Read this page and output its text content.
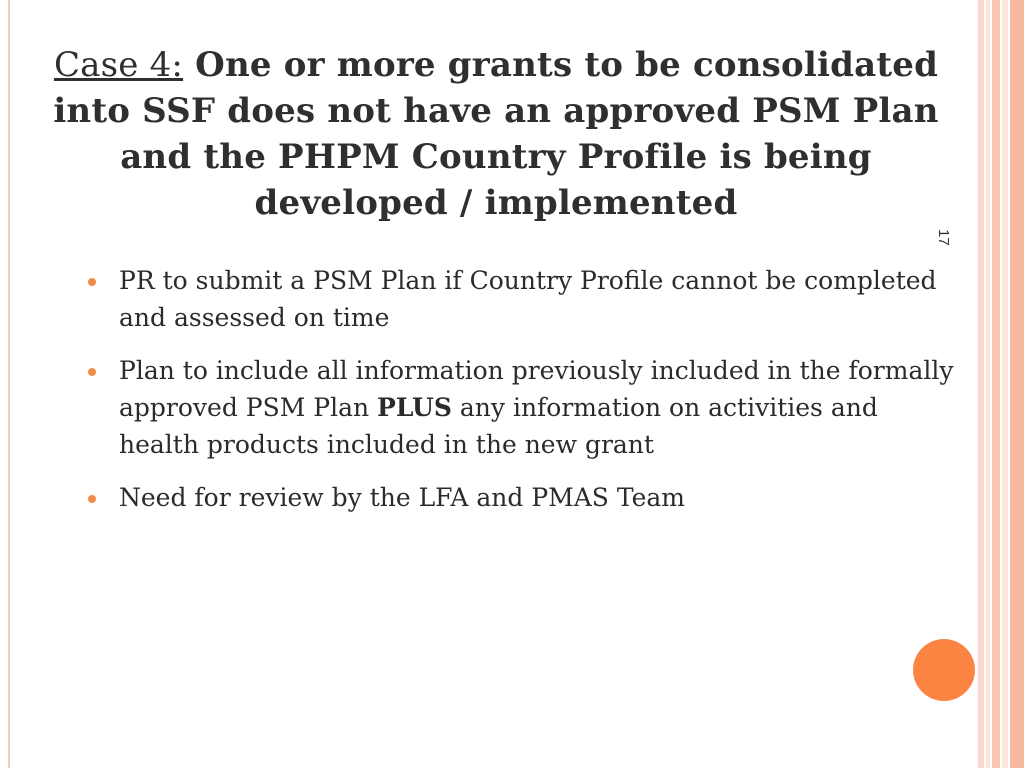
Case 4: One or more grants to be consolidated into SSF does not have an approved PSM Plan and the PHPM Country Profile is being developed / implemented
17
PR to submit a PSM Plan if Country Profile cannot be completed and assessed on time
Plan to include all information previously included in the formally approved PSM Plan PLUS any information on activities and health products included in the new grant
Need for review by the LFA and PMAS Team
